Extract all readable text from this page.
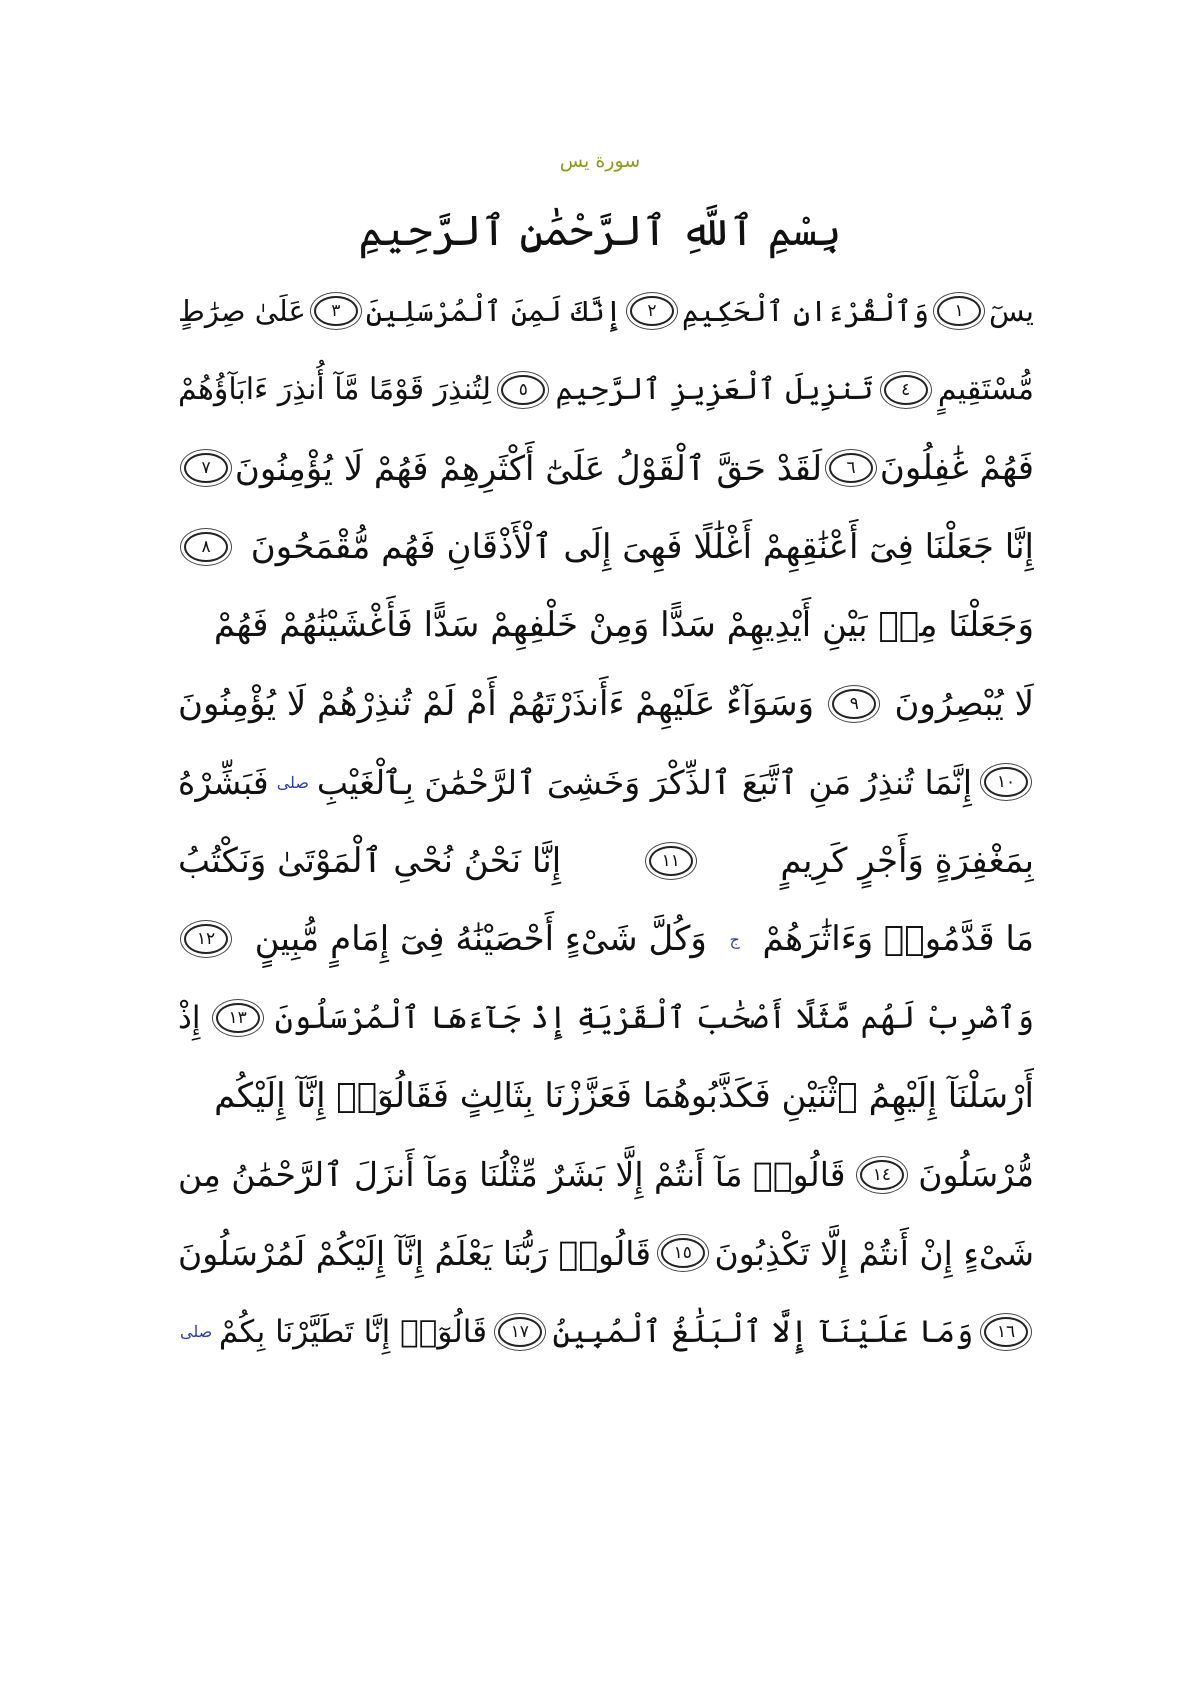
سورة يس
بِسْمِ ٱللَّهِ ٱلرَّحْمَٰنِ ٱلرَّحِيمِ
يسٓ
١
وَٱلْقُرْءَانِ ٱلْحَكِيمِ
٢
إِنَّكَ لَمِنَ ٱلْمُرْسَلِينَ
٣
عَلَىٰ صِرَٰطٍ
مُّسْتَقِيمٍ
٤
تَنزِيلَ ٱلْعَزِيزِ ٱلرَّحِيمِ
٥
لِتُنذِرَ قَوْمًا مَّآ أُنذِرَ ءَابَآؤُهُمْ
فَهُمْ غَٰفِلُونَ
٦
لَقَدْ حَقَّ ٱلْقَوْلُ عَلَىٰٓ أَكْثَرِهِمْ فَهُمْ لَا يُؤْمِنُونَ
٧
إِنَّا جَعَلْنَا فِىٓ أَعْنَٰقِهِمْ أَغْلَٰلًا فَهِىَ إِلَى ٱلْأَذْقَانِ فَهُم مُّقْمَحُونَ
٨
وَجَعَلْنَا مِنۢ بَيْنِ أَيْدِيهِمْ سَدًّا وَمِنْ خَلْفِهِمْ سَدًّا فَأَغْشَيْنَٰهُمْ فَهُمْ
لَا يُبْصِرُونَ
٩
وَسَوَآءٌ عَلَيْهِمْ ءَأَنذَرْتَهُمْ أَمْ لَمْ تُنذِرْهُمْ لَا يُؤْمِنُونَ
١٠
إِنَّمَا تُنذِرُ مَنِ ٱتَّبَعَ ٱلذِّكْرَ وَخَشِىَ ٱلرَّحْمَٰنَ بِٱلْغَيْبِ
صلى
فَبَشِّرْهُ
بِمَغْفِرَةٍ وَأَجْرٍ كَرِيمٍ
١١
إِنَّا نَحْنُ نُحْىِ ٱلْمَوْتَىٰ وَنَكْتُبُ
مَا قَدَّمُوا۟ وَءَاثَٰرَهُمْ
ج
وَكُلَّ شَىْءٍ أَحْصَيْنَٰهُ فِىٓ إِمَامٍ مُّبِينٍ
١٢
وَٱضْرِبْ لَهُم مَّثَلًا أَصْحَٰبَ ٱلْقَرْيَةِ إِذْ جَآءَهَا ٱلْمُرْسَلُونَ
١٣
إِذْ
أَرْسَلْنَآ إِلَيْهِمُ ٱثْنَيْنِ فَكَذَّبُوهُمَا فَعَزَّزْنَا بِثَالِثٍ فَقَالُوٓا۟ إِنَّآ إِلَيْكُم
مُّرْسَلُونَ
١٤
قَالُوا۟ مَآ أَنتُمْ إِلَّا بَشَرٌ مِّثْلُنَا وَمَآ أَنزَلَ ٱلرَّحْمَٰنُ مِن
شَىْءٍ إِنْ أَنتُمْ إِلَّا تَكْذِبُونَ
١٥
قَالُوا۟ رَبُّنَا يَعْلَمُ إِنَّآ إِلَيْكُمْ لَمُرْسَلُونَ
١٦
وَمَا عَلَيْنَآ إِلَّا ٱلْبَلَٰغُ ٱلْمُبِينُ
١٧
قَالُوٓا۟ إِنَّا تَطَيَّرْنَا بِكُمْ
صلى
